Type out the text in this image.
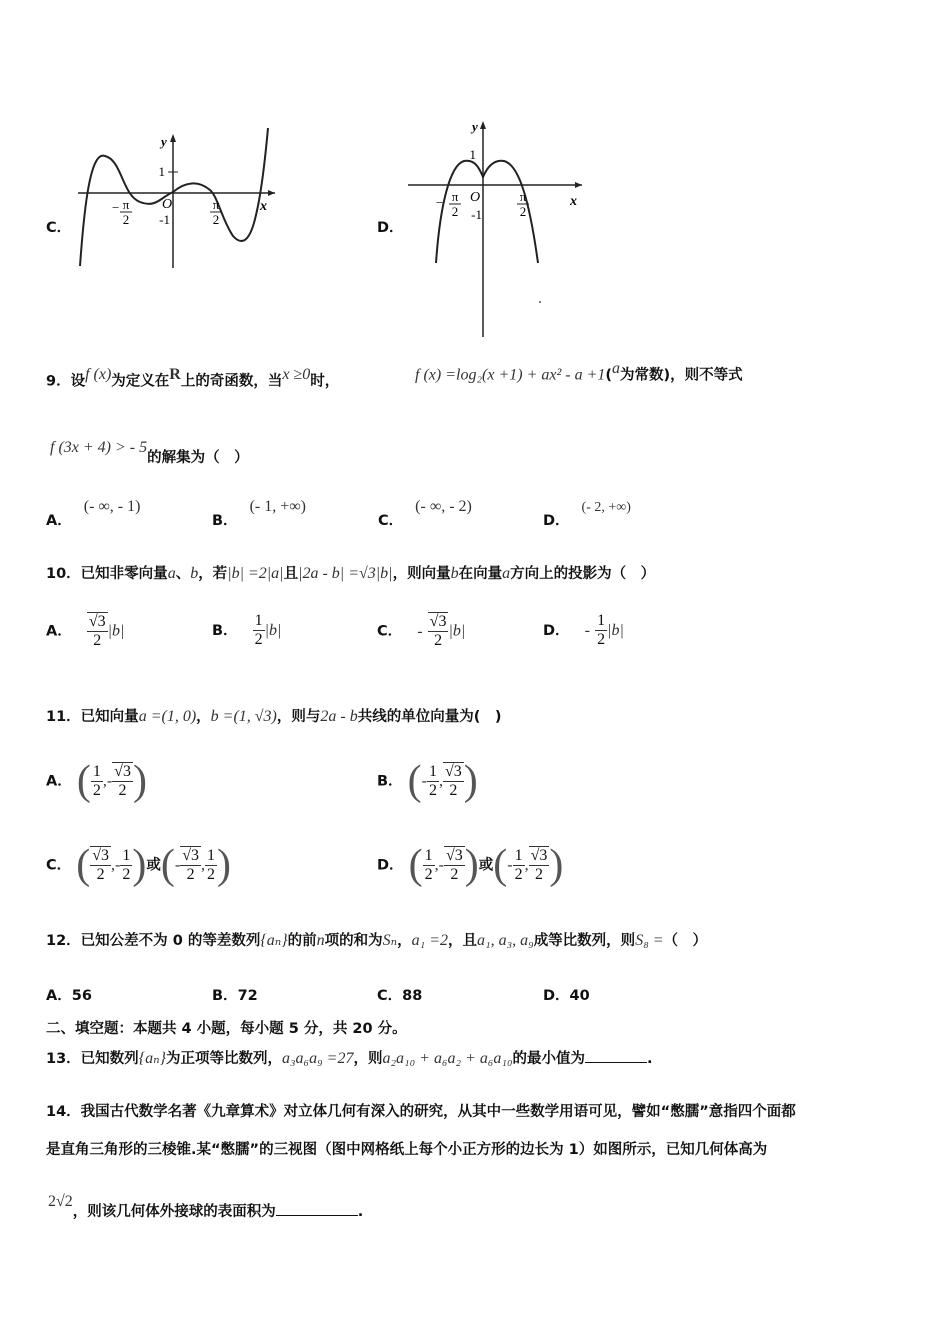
C．
1
-1
O
y
x
− π
2
π
2
D．
1
-1
O
y
x
− π
2
π
2
9．设$^{f (x)}$为定义在$^R$上的奇函数，当$^{x \ge 0}$时，	f (x) =log₂(x +1) + ax² - a +1($^a$为常数)，则不等式
f (3x + 4) > - 5的解集为（　）
A．(- ∞, - 1)
B．(- 1, +∞)
C．(- ∞, - 2)
D．(- 2, +∞)
10．已知非零向量a、b，若|b| =2|a|且|2a - b| =√3|b|，则向量b在向量a方向上的投影为（　）
A． $\frac{√3}{2} |b|$	B． $\frac{1}{2} |b|$	C． - $\frac{√3}{2} |b|$	D． - $\frac{1}{2} |b|$
11．已知向量a =(1, 0)，b =(1, √3)，则与2a - b共线的单位向量为(　)
A． ( $\frac{1}{2}$ ,- $\frac{√3}{2}$ )	B． (- $\frac{1}{2}$ , $\frac{√3}{2}$ )
C． ( $\frac{√3}{2}$ ,- $\frac{1}{2}$ )或(- $\frac{√3}{2}$ , $\frac{1}{2}$ )	D． ( $\frac{1}{2}$ ,- $\frac{√3}{2}$ )或(- $\frac{1}{2}$ , $\frac{√3}{2}$ )
12．已知公差不为 0 的等差数列{aₙ}的前n项的和为Sₙ，a₁ =2，且a₁, a₃, a₉成等比数列，则S₈ =（　）
A．56	B．72	C．88	D．40
二、填空题：本题共 4 小题，每小题 5 分，共 20 分。
13．已知数列{aₙ}为正项等比数列，a₃a₆a₉ =27，则a₂a₁₀ + a₆a₂ + a₆a₁₀的最小值为	.
14．我国古代数学名著《九章算术》对立体几何有深入的研究，从其中一些数学用语可见，譬如“憋臑”意指四个面都
是直角三角形的三棱锥.某“憋臑”的三视图（图中网格纸上每个小正方形的边长为 1）如图所示，已知几何体高为
2√2，则该几何体外接球的表面积为	.
